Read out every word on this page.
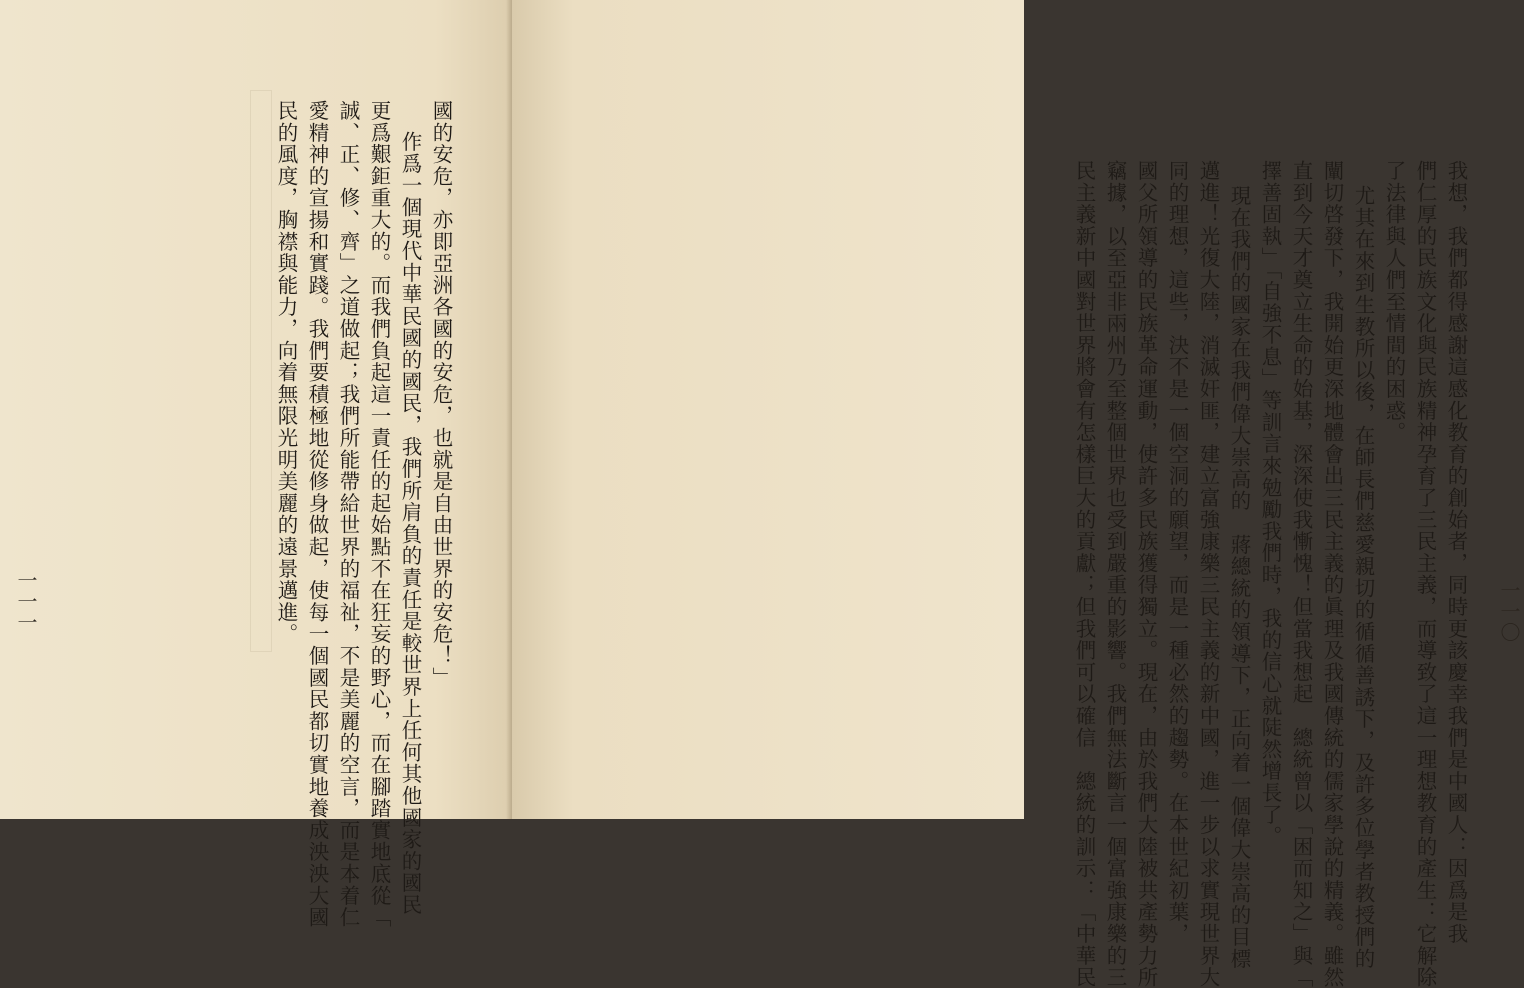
國的安危，亦即亞洲各國的安危，也就是自由世界的安危！」
作爲一個現代中華民國的國民，我們所肩負的責任是較世界上任何其他國家的國民
更爲艱鉅重大的。而我們負起這一責任的起始點不在狂妄的野心，而在腳踏實地底從「
誠、正、修、齊」之道做起；我們所能帶給世界的福祉，不是美麗的空言，而是本着仁
愛精神的宣揚和實踐。我們要積極地從修身做起，使每一個國民都切實地養成泱泱大國
民的風度，胸襟與能力，向着無限光明美麗的遠景邁進。
一一一	我想，我們都得感謝這感化教育的創始者，同時更該慶幸我們是中國人：因爲是我
們仁厚的民族文化與民族精神孕育了三民主義，而導致了這一理想教育的產生：它解除
了法律與人們至情間的困惑。
尤其在來到生教所以後，在師長們慈愛親切的循循善誘下，及許多位學者教授們的
闡切啓發下，我開始更深地體會出三民主義的眞理及我國傳統的儒家學說的精義。雖然
直到今天才奠立生命的始基，深深使我慚愧！但當我想起　總統曾以「困而知之」與「
擇善固執」「自強不息」等訓言來勉勵我們時，我的信心就陡然增長了。
現在我們的國家在我們偉大崇高的　蔣總統的領導下，正向着一個偉大崇高的目標
邁進！光復大陸，消滅奸匪，建立富強康樂三民主義的新中國，進一步以求實現世界大
同的理想，這些，決不是一個空洞的願望，而是一種必然的趨勢。在本世紀初葉，
國父所領導的民族革命運動，使許多民族獲得獨立。現在，由於我們大陸被共產勢力所
竊據，以至亞非兩州乃至整個世界也受到嚴重的影響。我們無法斷言一個富強康樂的三
民主義新中國對世界將會有怎樣巨大的貢獻；但我們可以確信　總統的訓示：「中華民	一一〇
